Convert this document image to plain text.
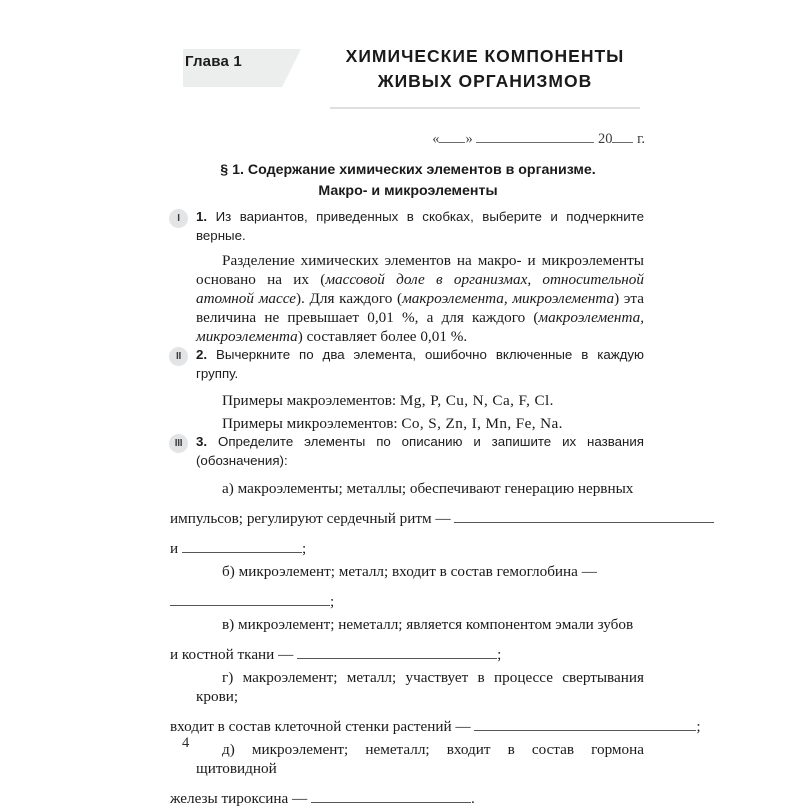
Глава 1	ХИМИЧЕСКИЕ КОМПОНЕНТЫ
ЖИВЫХ ОРГАНИЗМОВ
« »	20 г.
§ 1. Содержание химических элементов в организме.
Макро- и микроэлементы
I	1. Из вариантов, приведенных в скобках, выберите и подчеркните верные.
Разделение химических элементов на макро- и микроэлементы основано на их (массовой доле в организмах, относительной атомной массе). Для каждого (макроэлемента, микроэлемента) эта величина не превышает 0,01 %, а для каждого (макроэлемента, микроэлемента) составляет более 0,01 %.
II	2. Вычеркните по два элемента, ошибочно включенные в каждую группу.
Примеры макроэлементов: Mg, P, Cu, N, Ca, F, Cl.
Примеры микроэлементов: Co, S, Zn, I, Mn, Fe, Na.
III	3. Определите элементы по описанию и запишите их названия (обозначения):
а) макроэлементы; металлы; обеспечивают генерацию нервных
импульсов; регулируют сердечный ритм —
и	;
б) микроэлемент; металл; входит в состав гемоглобина —
;
в) микроэлемент; неметалл; является компонентом эмали зубов
и костной ткани —	;
г) макроэлемент; металл; участвует в процессе свертывания крови;
входит в состав клеточной стенки растений —	;
д) микроэлемент; неметалл; входит в состав гормона щитовидной
железы тироксина —	.
4
